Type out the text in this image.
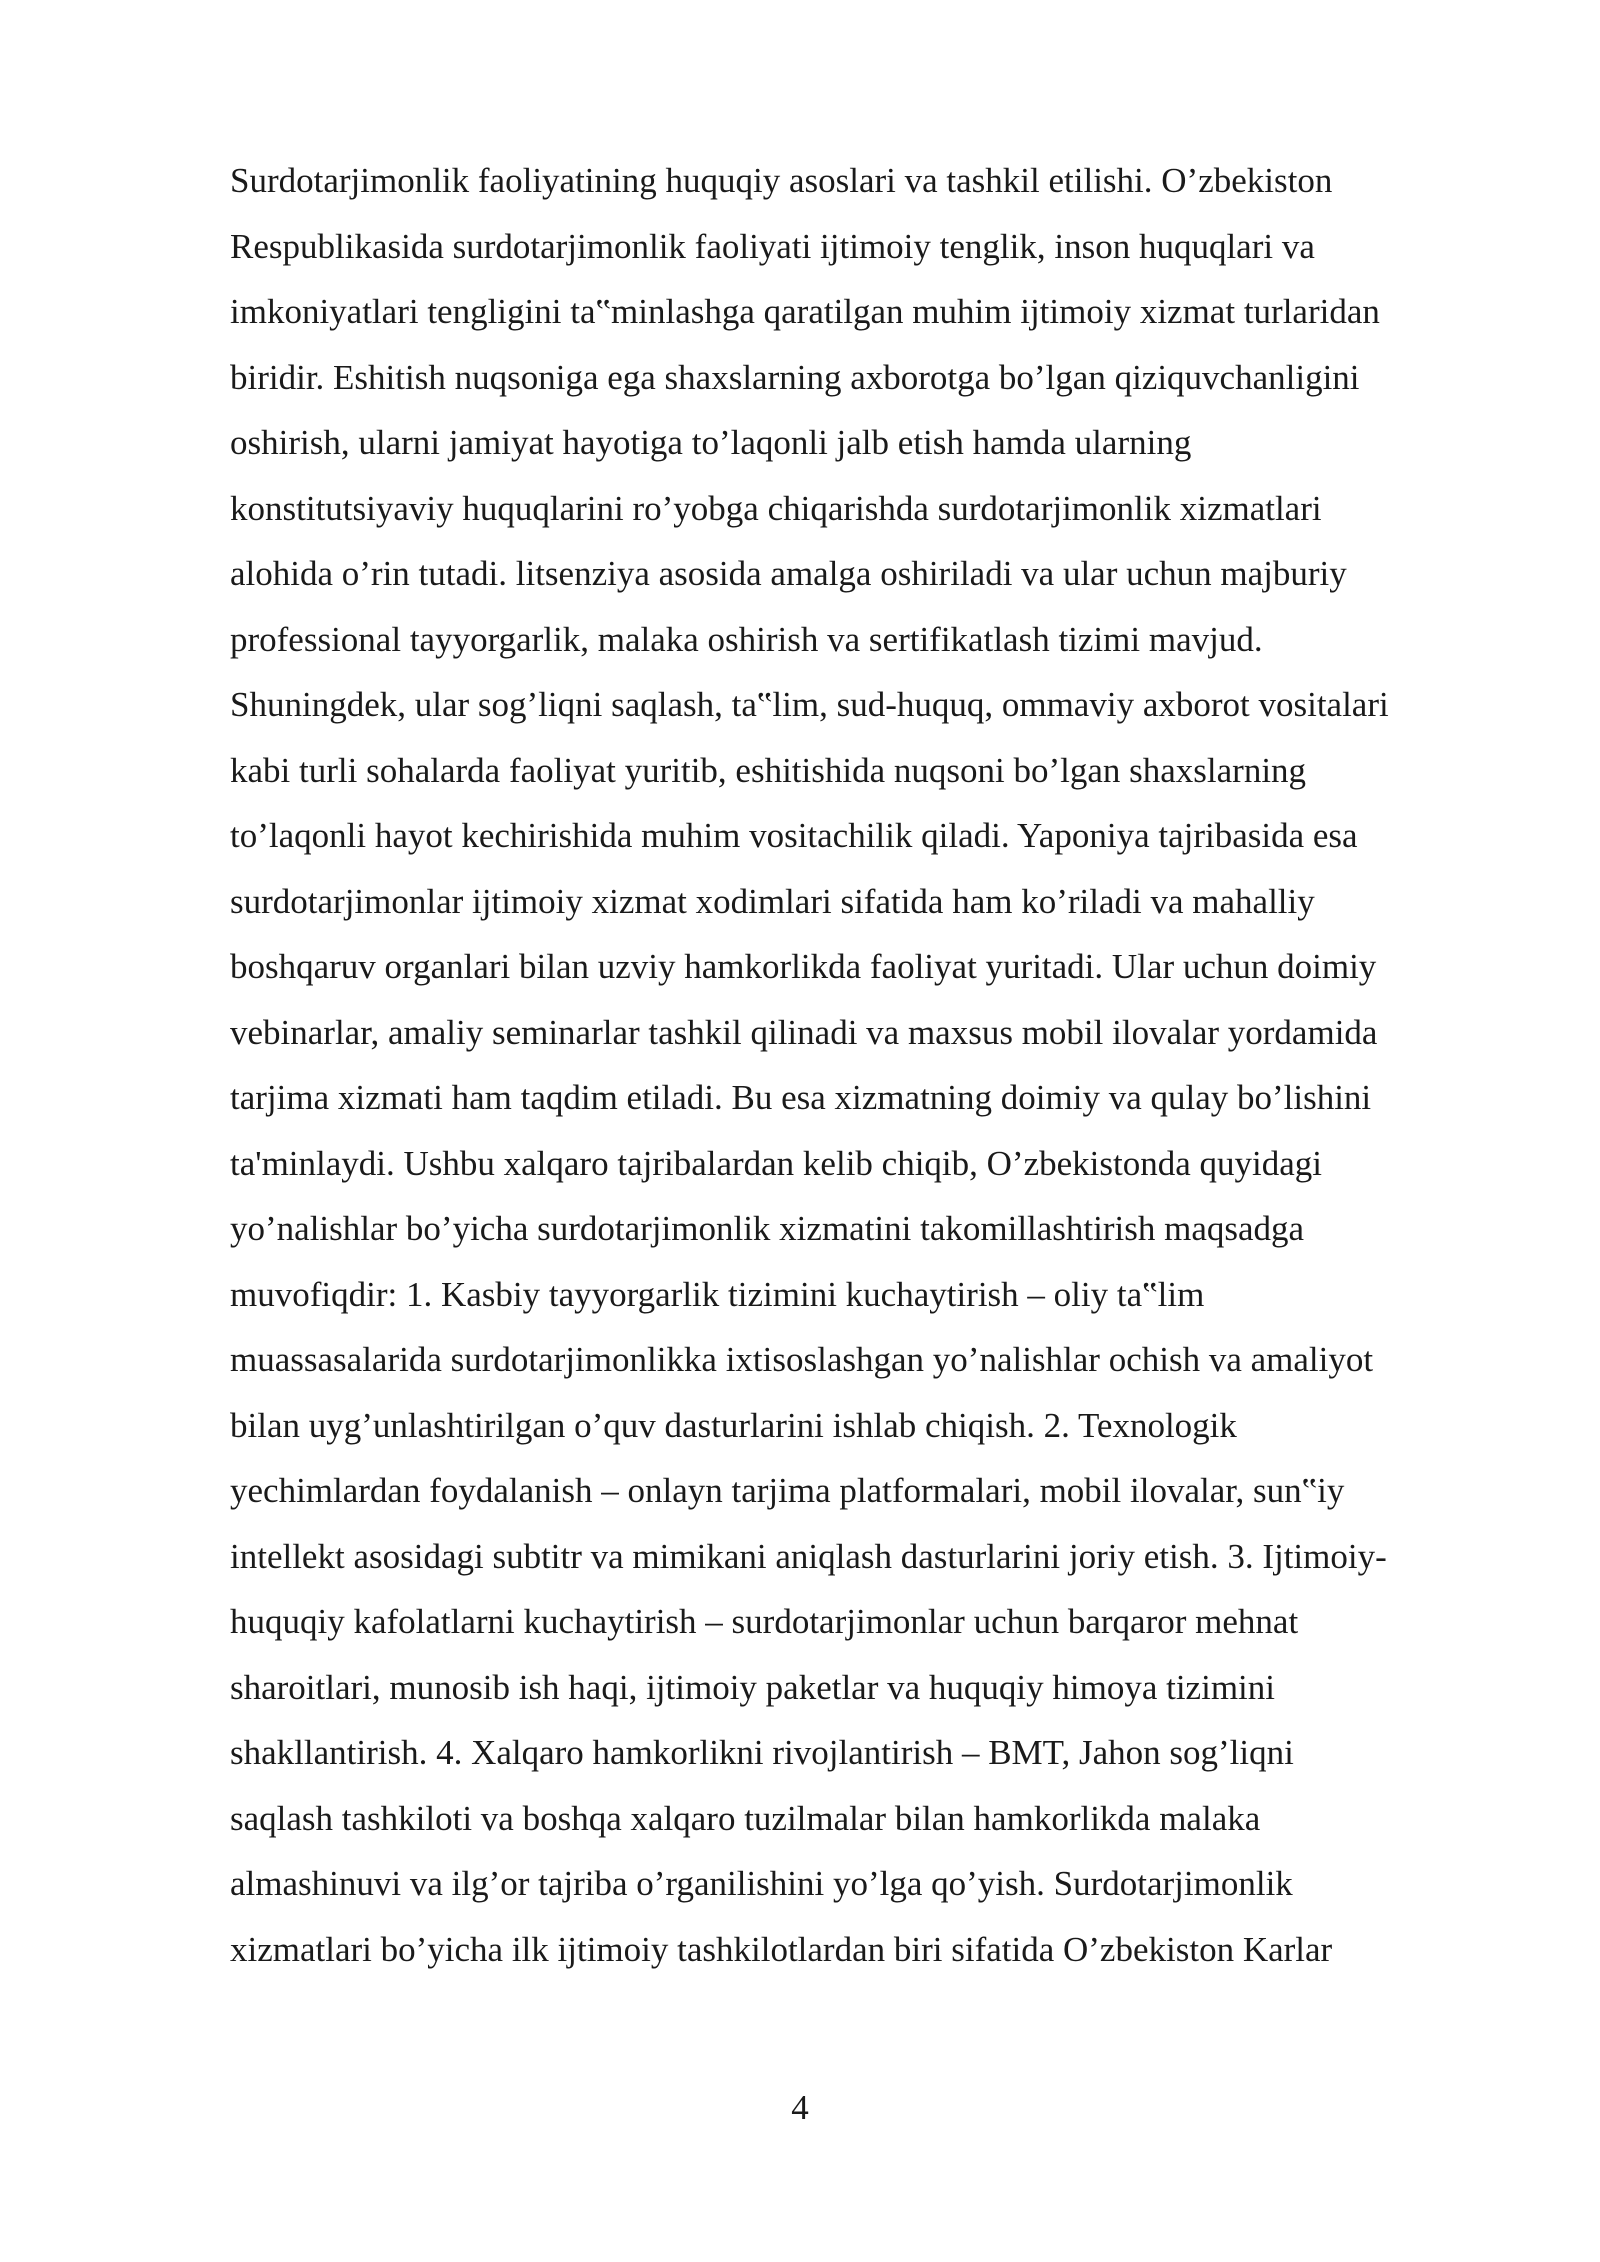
Surdotarjimonlik faoliyatining huquqiy asoslari va tashkil etilishi. O’zbekiston
Respublikasida surdotarjimonlik faoliyati ijtimoiy tenglik, inson huquqlari va
imkoniyatlari tengligini ta‟minlashga qaratilgan muhim ijtimoiy xizmat turlaridan
biridir. Eshitish nuqsoniga ega shaxslarning axborotga bo’lgan qiziquvchanligini
oshirish, ularni jamiyat hayotiga to’laqonli jalb etish hamda ularning
konstitutsiyaviy huquqlarini ro’yobga chiqarishda surdotarjimonlik xizmatlari
alohida o’rin tutadi. litsenziya asosida amalga oshiriladi va ular uchun majburiy
professional tayyorgarlik, malaka oshirish va sertifikatlash tizimi mavjud.
Shuningdek, ular sog’liqni saqlash, ta‟lim, sud-huquq, ommaviy axborot vositalari
kabi turli sohalarda faoliyat yuritib, eshitishida nuqsoni bo’lgan shaxslarning
to’laqonli hayot kechirishida muhim vositachilik qiladi. Yaponiya tajribasida esa
surdotarjimonlar ijtimoiy xizmat xodimlari sifatida ham ko’riladi va mahalliy
boshqaruv organlari bilan uzviy hamkorlikda faoliyat yuritadi. Ular uchun doimiy
vebinarlar, amaliy seminarlar tashkil qilinadi va maxsus mobil ilovalar yordamida
tarjima xizmati ham taqdim etiladi. Bu esa xizmatning doimiy va qulay bo’lishini
ta'minlaydi. Ushbu xalqaro tajribalardan kelib chiqib, O’zbekistonda quyidagi
yo’nalishlar bo’yicha surdotarjimonlik xizmatini takomillashtirish maqsadga
muvofiqdir: 1. Kasbiy tayyorgarlik tizimini kuchaytirish – oliy ta‟lim
muassasalarida surdotarjimonlikka ixtisoslashgan yo’nalishlar ochish va amaliyot
bilan uyg’unlashtirilgan o’quv dasturlarini ishlab chiqish. 2. Texnologik
yechimlardan foydalanish – onlayn tarjima platformalari, mobil ilovalar, sun‟iy
intellekt asosidagi subtitr va mimikani aniqlash dasturlarini joriy etish. 3. Ijtimoiy-
huquqiy kafolatlarni kuchaytirish – surdotarjimonlar uchun barqaror mehnat
sharoitlari, munosib ish haqi, ijtimoiy paketlar va huquqiy himoya tizimini
shakllantirish. 4. Xalqaro hamkorlikni rivojlantirish – BMT, Jahon sog’liqni
saqlash tashkiloti va boshqa xalqaro tuzilmalar bilan hamkorlikda malaka
almashinuvi va ilg’or tajriba o’rganilishini yo’lga qo’yish. Surdotarjimonlik
xizmatlari bo’yicha ilk ijtimoiy tashkilotlardan biri sifatida O’zbekiston Karlar
4
